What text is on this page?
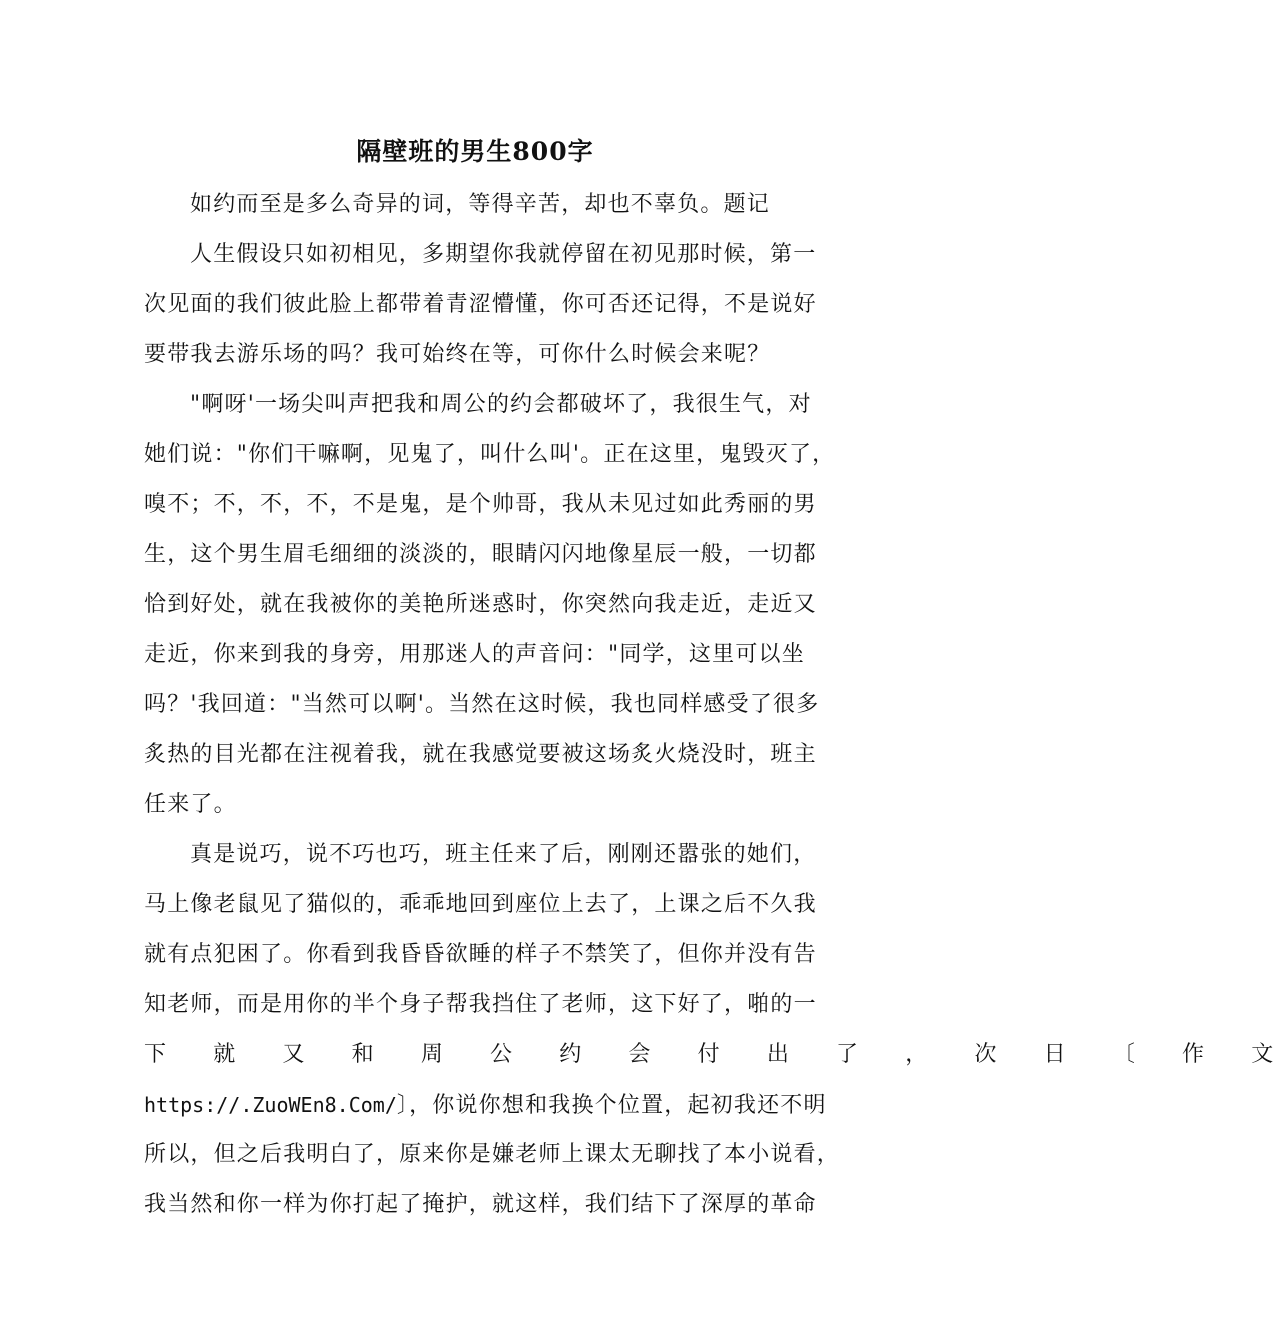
隔壁班的男生800字

如约而至是多么奇异的词，等得辛苦，却也不辜负。题记

人生假设只如初相见，多期望你我就停留在初见那时候，第一
次见面的我们彼此脸上都带着青涩懵懂，你可否还记得，不是说好
要带我去游乐场的吗？我可始终在等，可你什么时候会来呢？

"啊呀'一场尖叫声把我和周公的约会都破坏了，我很生气，对
她们说："你们干嘛啊，见鬼了，叫什么叫'。正在这里，鬼毁灭了，
嗅不；不，不，不，不是鬼，是个帅哥，我从未见过如此秀丽的男
生，这个男生眉毛细细的淡淡的，眼睛闪闪地像星辰一般，一切都
恰到好处，就在我被你的美艳所迷惑时，你突然向我走近，走近又
走近，你来到我的身旁，用那迷人的声音问："同学，这里可以坐
吗？'我回道："当然可以啊'。当然在这时候，我也同样感受了很多
炙热的目光都在注视着我，就在我感觉要被这场炙火烧没时，班主
任来了。

真是说巧，说不巧也巧，班主任来了后，刚刚还嚣张的她们，
马上像老鼠见了猫似的，乖乖地回到座位上去了，上课之后不久我
就有点犯困了。你看到我昏昏欲睡的样子不禁笑了，但你并没有告
知老师，而是用你的半个身子帮我挡住了老师，这下好了，啪的一
下	就	又	和	周	公	约	会	付	出	了	，	次	日	〔	作	文
https://.ZuoWEn8.Com/〕，你说你想和我换个位置，起初我还不明
所以，但之后我明白了，原来你是嫌老师上课太无聊找了本小说看，
我当然和你一样为你打起了掩护，就这样，我们结下了深厚的革命
